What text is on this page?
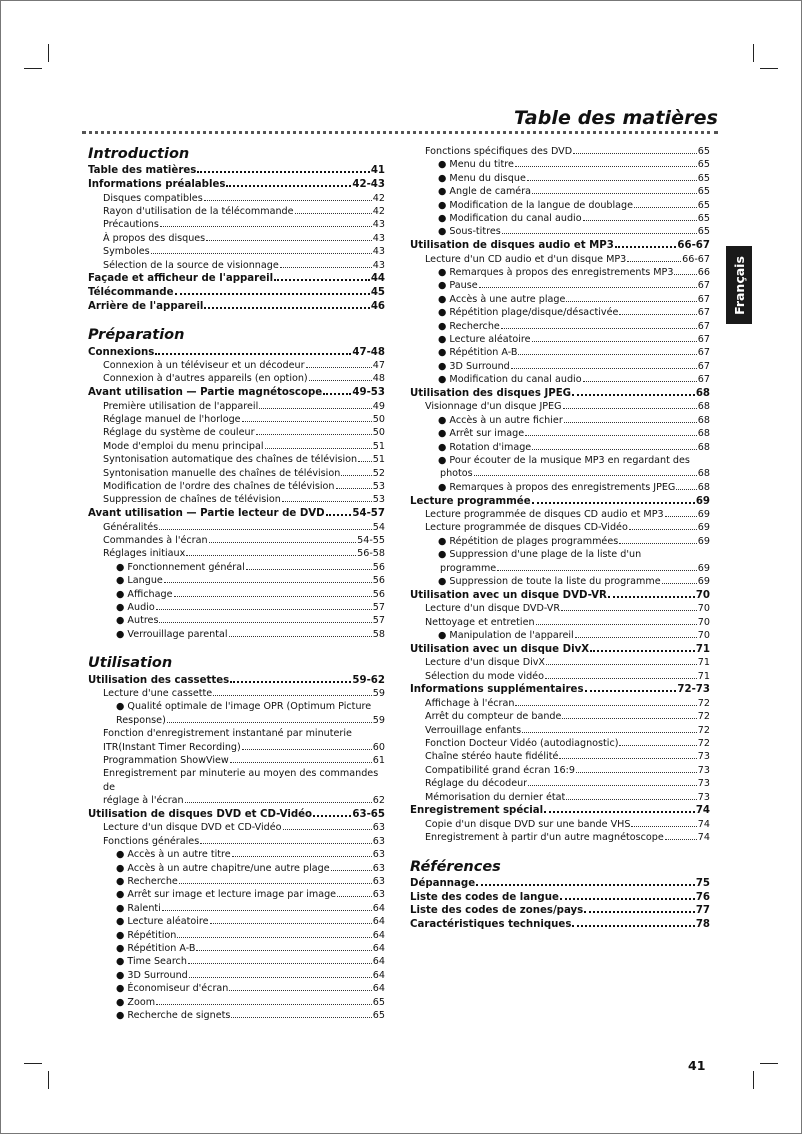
Table des matières
Français
Introduction
Table des matières	41
Informations préalables	42-43
Disques compatibles	42
Rayon d'utilisation de la télécommande	42
Précautions	43
À propos des disques	43
Symboles	43
Sélection de la source de visionnage	43
Façade et afficheur de l'appareil	44
Télécommande	45
Arrière de l'appareil	46
Préparation
Connexions	47-48
Connexion à un téléviseur et un décodeur	47
Connexion à d'autres appareils (en option)	48
Avant utilisation — Partie magnétoscope	49-53
Première utilisation de l'appareil	49
Réglage manuel de l'horloge	50
Réglage du système de couleur	50
Mode d'emploi du menu principal	51
Syntonisation automatique des chaînes de télévision 51
Syntonisation manuelle des chaînes de télévision	52
Modification de l'ordre des chaînes de télévision	53
Suppression de chaînes de télévision	53
Avant utilisation — Partie lecteur de DVD	54-57
Généralités	54
Commandes à l'écran	54-55
Réglages initiaux	56-58
● Fonctionnement général	56
● Langue	56
● Affichage	56
● Audio	57
● Autres	57
● Verrouillage parental	58
Utilisation
Utilisation des cassettes	59-62
Lecture d'une cassette	59
● Qualité optimale de l'image OPR (Optimum Picture
Response)	59
Fonction d'enregistrement instantané par minuterie
ITR(Instant Timer Recording)	60
Programmation ShowView	61
Enregistrement par minuterie au moyen des commandes de
réglage à l'écran	62
Utilisation de disques DVD et CD-Vidéo	63-65
Lecture d'un disque DVD et CD-Vidéo	63
Fonctions générales	63
● Accès à un autre titre	63
● Accès à un autre chapitre/une autre plage	63
● Recherche	63
● Arrêt sur image et lecture image par image	63
● Ralenti	64
● Lecture aléatoire	64
● Répétition	64
● Répétition A-B	64
● Time Search	64
● 3D Surround	64
● Économiseur d'écran	64
● Zoom	65
● Recherche de signets	65
Fonctions spécifiques des DVD	65
● Menu du titre	65
● Menu du disque	65
● Angle de caméra	65
● Modification de la langue de doublage	65
● Modification du canal audio	65
● Sous-titres	65
Utilisation de disques audio et MP3	66-67
Lecture d'un CD audio et d'un disque MP3	66-67
● Remarques à propos des enregistrements MP3	66
● Pause	67
● Accès à une autre plage	67
● Répétition plage/disque/désactivée	67
● Recherche	67
● Lecture aléatoire	67
● Répétition A-B	67
● 3D Surround	67
● Modification du canal audio	67
Utilisation des disques JPEG	68
Visionnage d'un disque JPEG	68
● Accès à un autre fichier	68
● Arrêt sur image	68
● Rotation d'image	68
● Pour écouter de la musique MP3 en regardant des
photos	68
● Remarques à propos des enregistrements JPEG 68
Lecture programmée	69
Lecture programmée de disques CD audio et MP3	69
Lecture programmée de disques CD-Vidéo	69
● Répétition de plages programmées	69
● Suppression d'une plage de la liste d'un
programme	69
● Suppression de toute la liste du programme	69
Utilisation avec un disque DVD-VR	70
Lecture d'un disque DVD-VR	70
Nettoyage et entretien	70
● Manipulation de l'appareil	70
Utilisation avec un disque DivX	71
Lecture d'un disque DivX	71
Sélection du mode vidéo	71
Informations supplémentaires	72-73
Affichage à l'écran	72
Arrêt du compteur de bande	72
Verrouillage enfants	72
Fonction Docteur Vidéo (autodiagnostic)	72
Chaîne stéréo haute fidélité	73
Compatibilité grand écran 16:9	73
Réglage du décodeur	73
Mémorisation du dernier état	73
Enregistrement spécial	74
Copie d'un disque DVD sur une bande VHS	74
Enregistrement à partir d'un autre magnétoscope	74
Références
Dépannage	75
Liste des codes de langue	76
Liste des codes de zones/pays	77
Caractéristiques techniques	78
41
